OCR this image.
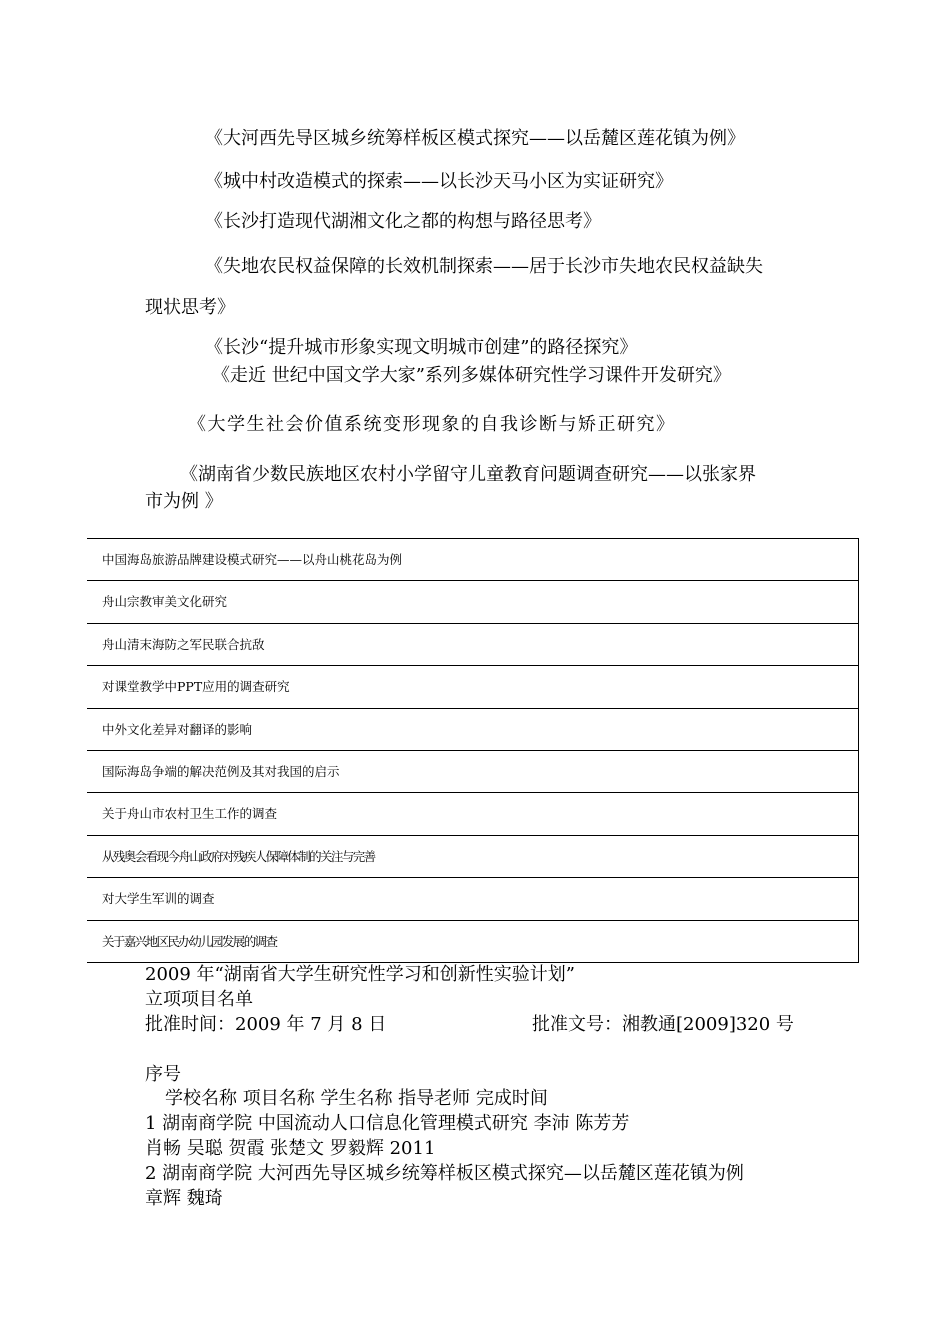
《大河西先导区城乡统筹样板区模式探究——以岳麓区莲花镇为例》
《城中村改造模式的探索——以长沙天马小区为实证研究》
《长沙打造现代湖湘文化之都的构想与路径思考》
《失地农民权益保障的长效机制探索——居于长沙市失地农民权益缺失
现状思考》
《长沙“提升城市形象实现文明城市创建”的路径探究》
《走近 世纪中国文学大家”系列多媒体研究性学习课件开发研究》
《大学生社会价值系统变形现象的自我诊断与矫正研究》
《湖南省少数民族地区农村小学留守儿童教育问题调查研究——以张家界
市为例 》
中国海岛旅游品牌建设模式研究——以舟山桃花岛为例
舟山宗教审美文化研究
舟山清末海防之军民联合抗敌
对课堂教学中PPT应用的调查研究
中外文化差异对翻译的影响
国际海岛争端的解决范例及其对我国的启示
关于舟山市农村卫生工作的调查
从残奥会看现今舟山政府对残疾人保障体制的关注与完善
对大学生军训的调查
关于嘉兴地区民办幼儿园发展的调查
2009 年“湖南省大学生研究性学习和创新性实验计划”
立项项目名单
批准时间：2009 年 7 月 8 日	批准文号：湘教通[2009]320 号
序号
学校名称 项目名称 学生名称 指导老师 完成时间
1 湖南商学院 中国流动人口信息化管理模式研究 李沛 陈芳芳
肖畅 吴聪 贺霞 张楚文 罗毅辉 2011
2 湖南商学院 大河西先导区城乡统筹样板区模式探究—以岳麓区莲花镇为例
章辉 魏琦
